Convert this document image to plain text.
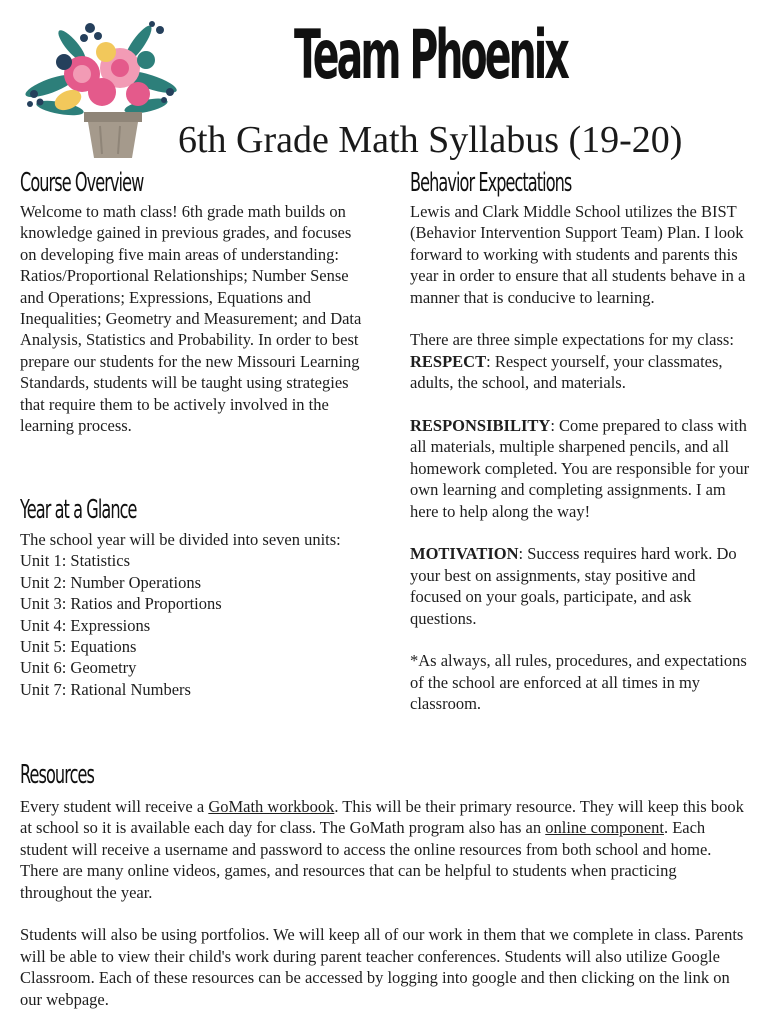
Team Phoenix
6th Grade Math Syllabus (19-20)
Course Overview

Welcome to math class! 6th grade math builds on knowledge gained in previous grades, and focuses on developing five main areas of understanding: Ratios/Proportional Relationships; Number Sense and Operations; Expressions, Equations and Inequalities; Geometry and Measurement; and Data Analysis, Statistics and Probability. In order to best prepare our students for the new Missouri Learning Standards, students will be taught using strategies that require them to be actively involved in the learning process.

Year at a Glance

The school year will be divided into seven units:

Unit 1: Statistics
Unit 2: Number Operations
Unit 3: Ratios and Proportions
Unit 4: Expressions
Unit 5: Equations
Unit 6: Geometry
Unit 7: Rational Numbers
Behavior Expectations

Lewis and Clark Middle School utilizes the BIST (Behavior Intervention Support Team) Plan. I look forward to working with students and parents this year in order to ensure that all students behave in a manner that is conducive to learning.

There are three simple expectations for my class:

RESPECT: Respect yourself, your classmates, adults, the school, and materials.

RESPONSIBILITY: Come prepared to class with all materials, multiple sharpened pencils, and all homework completed. You are responsible for your own learning and completing assignments. I am here to help along the way!

MOTIVATION: Success requires hard work. Do your best on assignments, stay positive and focused on your goals, participate, and ask questions.

*As always, all rules, procedures, and expectations of the school are enforced at all times in my classroom.

Resources

Every student will receive a GoMath workbook. This will be their primary resource. They will keep this book at school so it is available each day for class. The GoMath program also has an online component. Each student will receive a username and password to access the online resources from both school and home. There are many online videos, games, and resources that can be helpful to students when practicing throughout the year.

Students will also be using portfolios. We will keep all of our work in them that we complete in class. Parents will be able to view their child's work during parent teacher conferences. Students will also utilize Google Classroom. Each of these resources can be accessed by logging into google and then clicking on the link on our webpage.
